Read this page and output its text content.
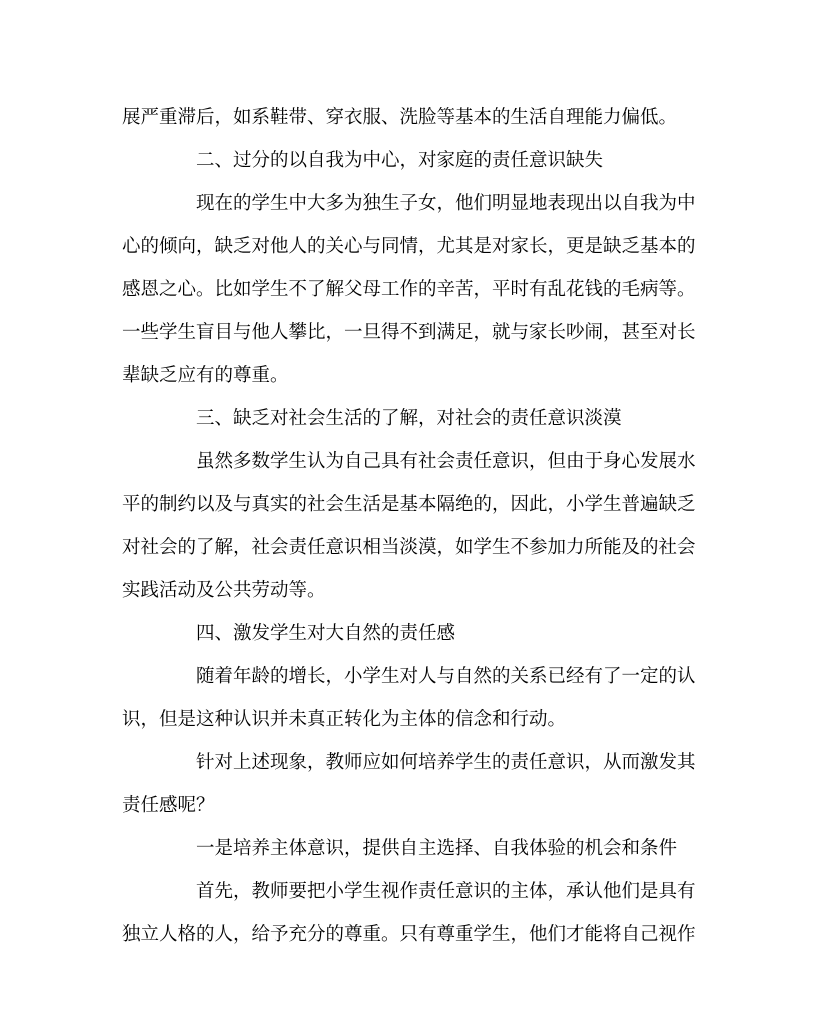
展严重滞后，如系鞋带、穿衣服、洗脸等基本的生活自理能力偏低。

二、过分的以自我为中心，对家庭的责任意识缺失

现在的学生中大多为独生子女，他们明显地表现出以自我为中

心的倾向，缺乏对他人的关心与同情，尤其是对家长，更是缺乏基本的

感恩之心。比如学生不了解父母工作的辛苦，平时有乱花钱的毛病等。

一些学生盲目与他人攀比，一旦得不到满足，就与家长吵闹，甚至对长

辈缺乏应有的尊重。

三、缺乏对社会生活的了解，对社会的责任意识淡漠

虽然多数学生认为自己具有社会责任意识，但由于身心发展水

平的制约以及与真实的社会生活是基本隔绝的，因此，小学生普遍缺乏

对社会的了解，社会责任意识相当淡漠，如学生不参加力所能及的社会

实践活动及公共劳动等。

四、激发学生对大自然的责任感

随着年龄的增长，小学生对人与自然的关系已经有了一定的认

识，但是这种认识并未真正转化为主体的信念和行动。

针对上述现象，教师应如何培养学生的责任意识，从而激发其

责任感呢？

一是培养主体意识，提供自主选择、自我体验的机会和条件

首先，教师要把小学生视作责任意识的主体，承认他们是具有

独立人格的人，给予充分的尊重。只有尊重学生，他们才能将自己视作
